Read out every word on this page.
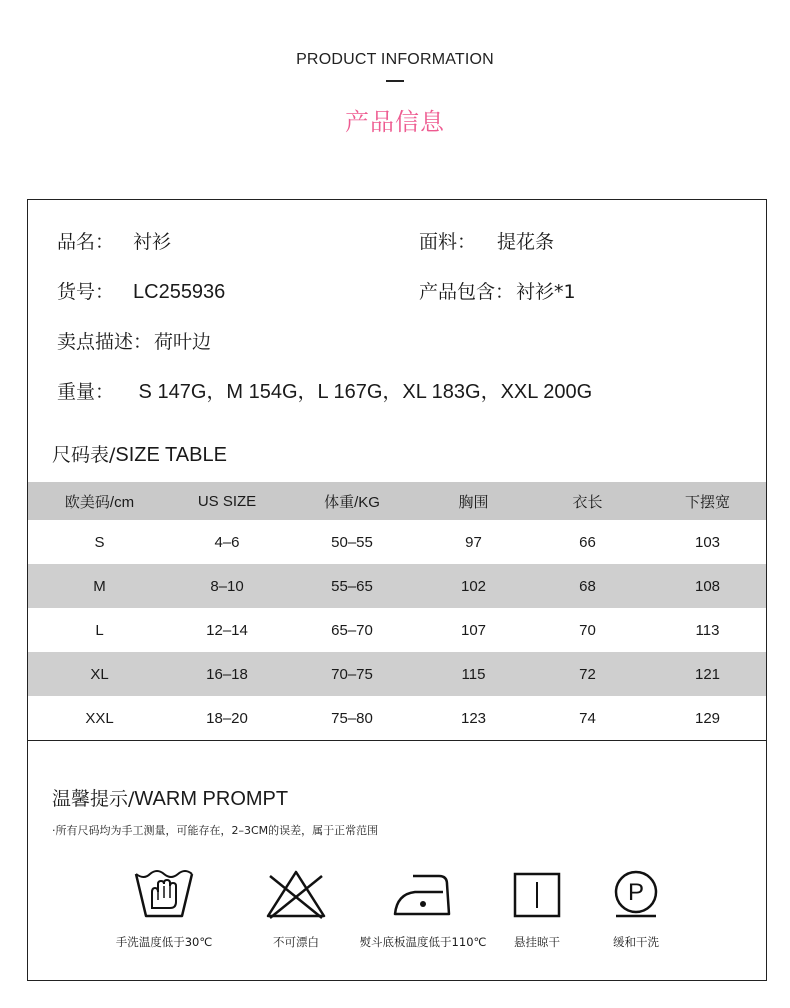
PRODUCT INFORMATION
产品信息
品名： 衬衫	面料： 提花条
货号： LC255936	产品包含： 衬衫*1
卖点描述： 荷叶边
重量： S 147G，M 154G，L 167G，XL 183G，XXL 200G
尺码表/SIZE TABLE
欧美码/cm	US SIZE	体重/KG	胸围	衣长	下摆宽
S	4–6	50–55	97	66	103
M	8–10	55–65	102	68	108
L	12–14	65–70	107	70	113
XL	16–18	70–75	115	72	121
XXL	18–20	75–80	123	74	129
温馨提示/WARM PROMPT
·所有尺码均为手工测量，可能存在，2–3CM的误差，属于正常范围
手洗温度低于30℃	不可漂白	熨斗底板温度低于110℃	悬挂晾干
P
缓和干洗
